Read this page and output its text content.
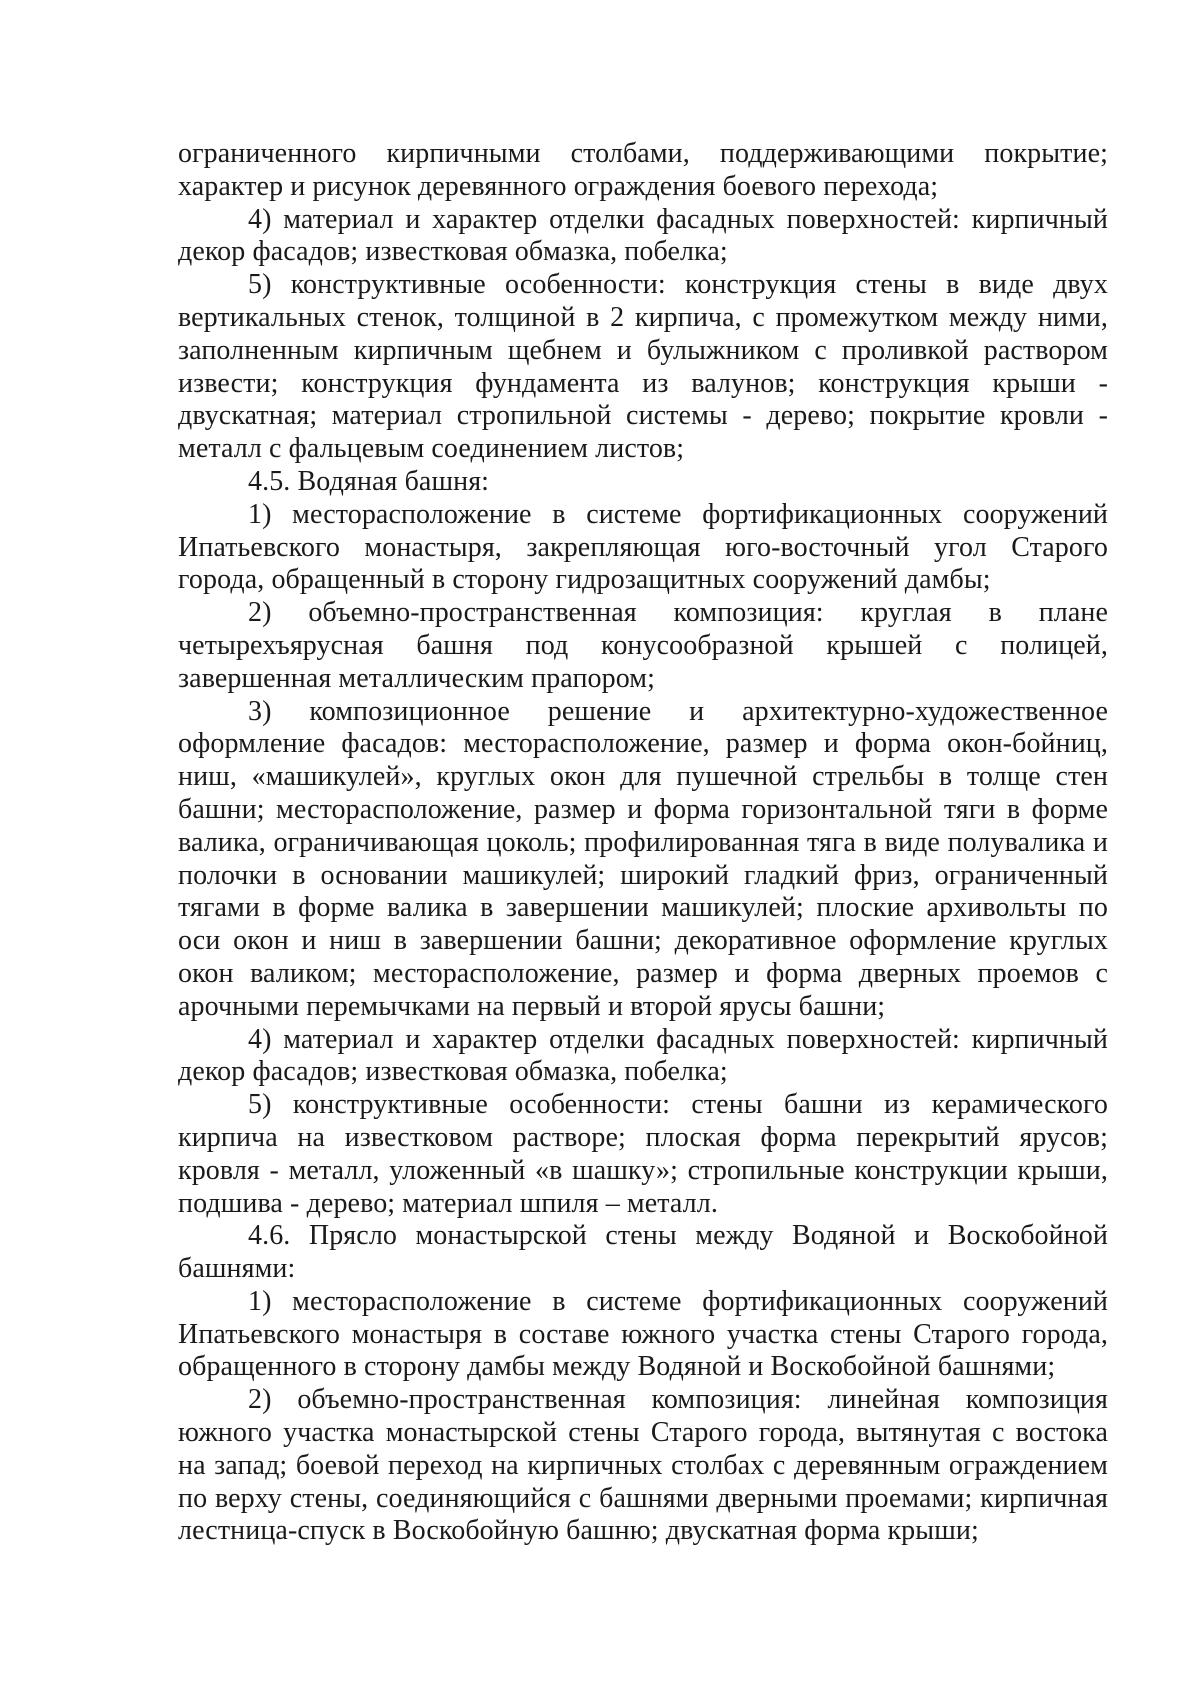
ограниченного кирпичными столбами, поддерживающими покрытие; характер и рисунок деревянного ограждения боевого перехода;

4) материал и характер отделки фасадных поверхностей: кирпичный декор фасадов; известковая обмазка, побелка;

5) конструктивные особенности: конструкция стены в виде двух вертикальных стенок, толщиной в 2 кирпича, с промежутком между ними, заполненным кирпичным щебнем и булыжником с проливкой раствором извести; конструкция фундамента из валунов; конструкция крыши - двускатная; материал стропильной системы - дерево; покрытие кровли - металл с фальцевым соединением листов;

4.5. Водяная башня:

1) месторасположение в системе фортификационных сооружений Ипатьевского монастыря, закрепляющая юго-восточный угол Старого города, обращенный в сторону гидрозащитных сооружений дамбы;

2) объемно-пространственная композиция: круглая в плане четырехъярусная башня под конусообразной крышей с полицей, завершенная металлическим прапором;

3) композиционное решение и архитектурно-художественное оформление фасадов: месторасположение, размер и форма окон-бойниц, ниш, «машикулей», круглых окон для пушечной стрельбы в толще стен башни; месторасположение, размер и форма горизонтальной тяги в форме валика, ограничивающая цоколь; профилированная тяга в виде полувалика и полочки в основании машикулей; широкий гладкий фриз, ограниченный тягами в форме валика в завершении машикулей; плоские архивольты по оси окон и ниш в завершении башни; декоративное оформление круглых окон валиком; месторасположение, размер и форма дверных проемов с арочными перемычками на первый и второй ярусы башни;

4) материал и характер отделки фасадных поверхностей: кирпичный декор фасадов; известковая обмазка, побелка;

5) конструктивные особенности: стены башни из керамического кирпича на известковом растворе; плоская форма перекрытий ярусов; кровля - металл, уложенный «в шашку»; стропильные конструкции крыши, подшива - дерево; материал шпиля – металл.

4.6. Прясло монастырской стены между Водяной и Воскобойной башнями:

1) месторасположение в системе фортификационных сооружений Ипатьевского монастыря в составе южного участка стены Старого города, обращенного в сторону дамбы между Водяной и Воскобойной башнями;

2) объемно-пространственная композиция: линейная композиция южного участка монастырской стены Старого города, вытянутая с востока на запад; боевой переход на кирпичных столбах с деревянным ограждением по верху стены, соединяющийся с башнями дверными проемами; кирпичная лестница-спуск в Воскобойную башню; двускатная форма крыши;
